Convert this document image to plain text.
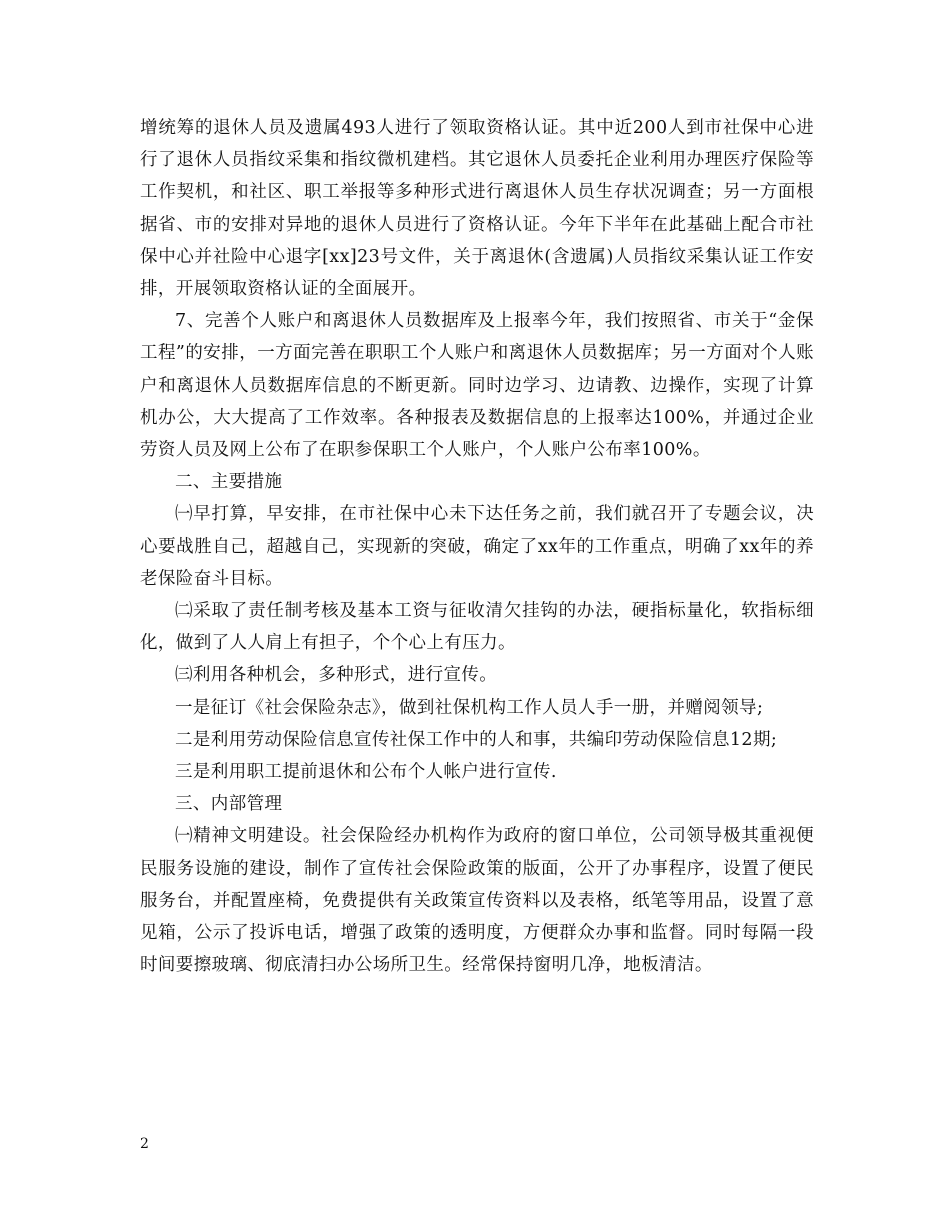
增统筹的退休人员及遗属493人进行了领取资格认证。其中近200人到市社保中心进行了退休人员指纹采集和指纹微机建档。其它退休人员委托企业利用办理医疗保险等工作契机，和社区、职工举报等多种形式进行离退休人员生存状况调查；另一方面根据省、市的安排对异地的退休人员进行了资格认证。今年下半年在此基础上配合市社保中心并社险中心退字[xx]23号文件，关于离退休(含遗属)人员指纹采集认证工作安排，开展领取资格认证的全面展开。

7、完善个人账户和离退休人员数据库及上报率今年，我们按照省、市关于“金保工程”的安排，一方面完善在职职工个人账户和离退休人员数据库；另一方面对个人账户和离退休人员数据库信息的不断更新。同时边学习、边请教、边操作，实现了计算机办公，大大提高了工作效率。各种报表及数据信息的上报率达100%，并通过企业劳资人员及网上公布了在职参保职工个人账户，个人账户公布率100%。

二、主要措施

㈠早打算，早安排，在市社保中心未下达任务之前，我们就召开了专题会议，决心要战胜自己，超越自己，实现新的突破，确定了xx年的工作重点，明确了xx年的养老保险奋斗目标。

㈡采取了责任制考核及基本工资与征收清欠挂钩的办法，硬指标量化，软指标细化，做到了人人肩上有担子，个个心上有压力。

㈢利用各种机会，多种形式，进行宣传。

一是征订《社会保险杂志》，做到社保机构工作人员人手一册，并赠阅领导;

二是利用劳动保险信息宣传社保工作中的人和事，共编印劳动保险信息12期;

三是利用职工提前退休和公布个人帐户进行宣传.

三、内部管理

㈠精神文明建设。社会保险经办机构作为政府的窗口单位，公司领导极其重视便民服务设施的建设，制作了宣传社会保险政策的版面，公开了办事程序，设置了便民服务台，并配置座椅，免费提供有关政策宣传资料以及表格，纸笔等用品，设置了意见箱，公示了投诉电话，增强了政策的透明度，方便群众办事和监督。同时每隔一段时间要擦玻璃、彻底清扫办公场所卫生。经常保持窗明几净，地板清洁。

2
